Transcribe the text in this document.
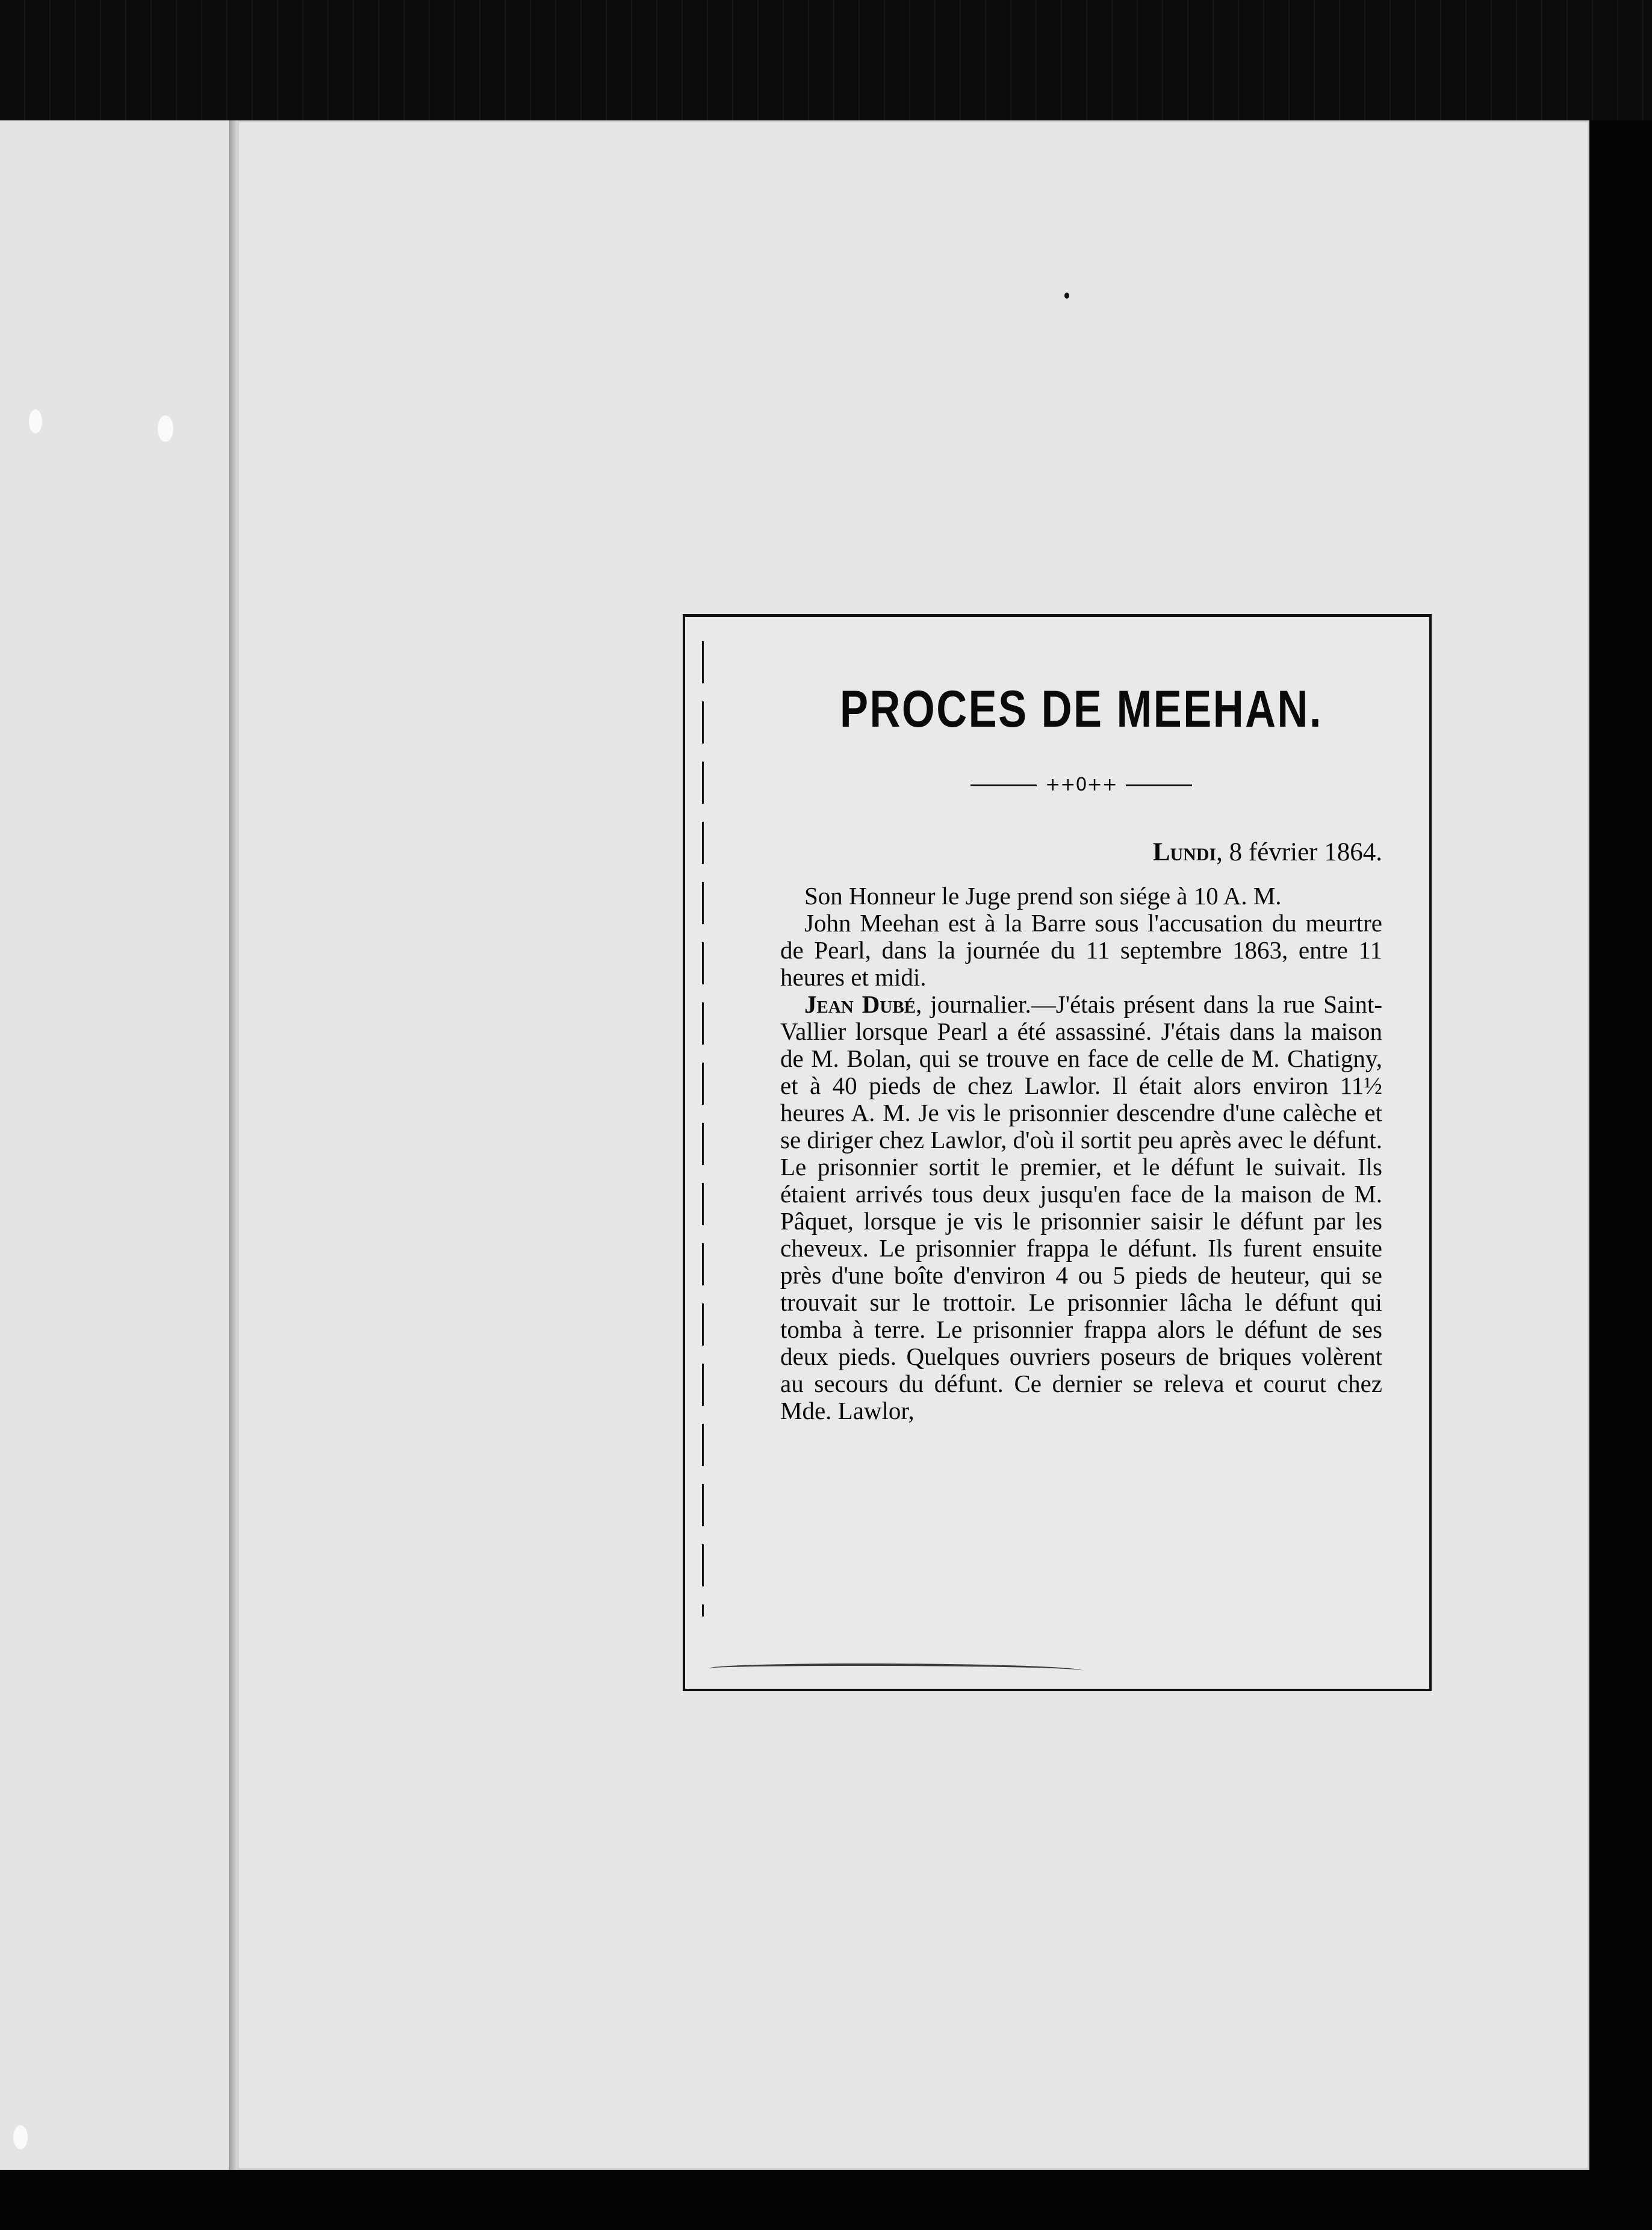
PROCES DE MEEHAN.
++0++
Lundi, 8 février 1864.

Son Honneur le Juge prend son siége à 10 A. M.

John Meehan est à la Barre sous l'accusation du meurtre de Pearl, dans la journée du 11 septembre 1863, entre 11 heures et midi.

Jean Dubé, journalier.—J'étais présent dans la rue Saint-Vallier lorsque Pearl a été assassiné. J'étais dans la maison de M. Bolan, qui se trouve en face de celle de M. Chatigny, et à 40 pieds de chez Lawlor. Il était alors environ 11½ heures A. M. Je vis le prisonnier descendre d'une calèche et se diriger chez Lawlor, d'où il sortit peu après avec le défunt. Le prisonnier sortit le premier, et le défunt le suivait. Ils étaient arrivés tous deux jusqu'en face de la maison de M. Pâquet, lorsque je vis le prisonnier saisir le défunt par les cheveux. Le prisonnier frappa le défunt. Ils furent ensuite près d'une boîte d'environ 4 ou 5 pieds de heuteur, qui se trouvait sur le trottoir. Le prisonnier lâcha le défunt qui tomba à terre. Le prisonnier frappa alors le défunt de ses deux pieds. Quelques ouvriers poseurs de briques volèrent au secours du défunt. Ce dernier se releva et courut chez Mde. Lawlor,
